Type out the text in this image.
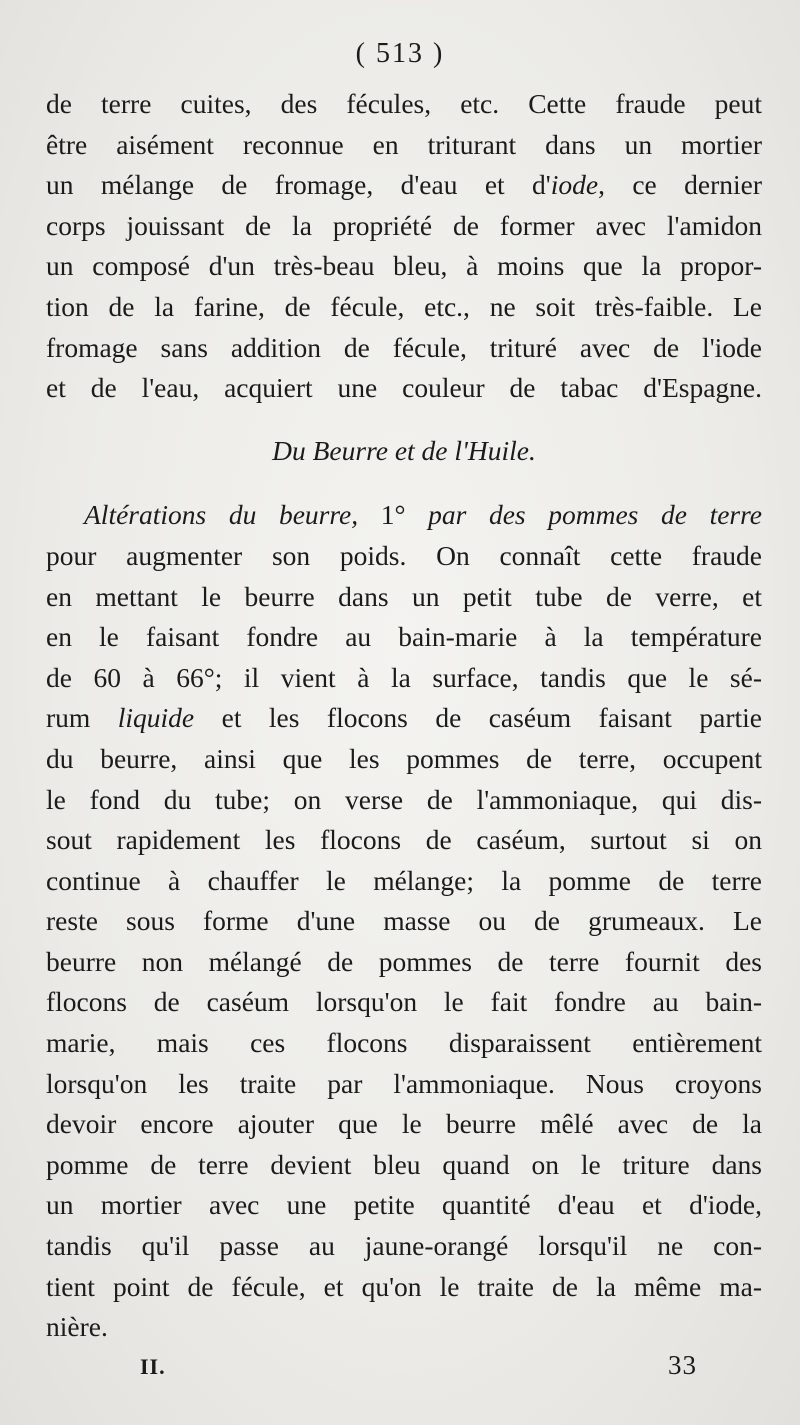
( 513 )
de terre cuites, des fécules, etc. Cette fraude peut
être aisément reconnue en triturant dans un mortier
un mélange de fromage, d'eau et d'iode, ce dernier
corps jouissant de la propriété de former avec l'amidon
un composé d'un très-beau bleu, à moins que la propor-
tion de la farine, de fécule, etc., ne soit très-faible. Le
fromage sans addition de fécule, trituré avec de l'iode
et de l'eau, acquiert une couleur de tabac d'Espagne.
Du Beurre et de l'Huile.
Altérations du beurre, 1° par des pommes de terre
pour augmenter son poids. On connaît cette fraude
en mettant le beurre dans un petit tube de verre, et
en le faisant fondre au bain-marie à la température
de 60 à 66°; il vient à la surface, tandis que le sé-
rum liquide et les flocons de caséum faisant partie
du beurre, ainsi que les pommes de terre, occupent
le fond du tube; on verse de l'ammoniaque, qui dis-
sout rapidement les flocons de caséum, surtout si on
continue à chauffer le mélange; la pomme de terre
reste sous forme d'une masse ou de grumeaux. Le
beurre non mélangé de pommes de terre fournit des
flocons de caséum lorsqu'on le fait fondre au bain-
marie, mais ces flocons disparaissent entièrement
lorsqu'on les traite par l'ammoniaque. Nous croyons
devoir encore ajouter que le beurre mêlé avec de la
pomme de terre devient bleu quand on le triture dans
un mortier avec une petite quantité d'eau et d'iode,
tandis qu'il passe au jaune-orangé lorsqu'il ne con-
tient point de fécule, et qu'on le traite de la même ma-
nière.
II.	33
